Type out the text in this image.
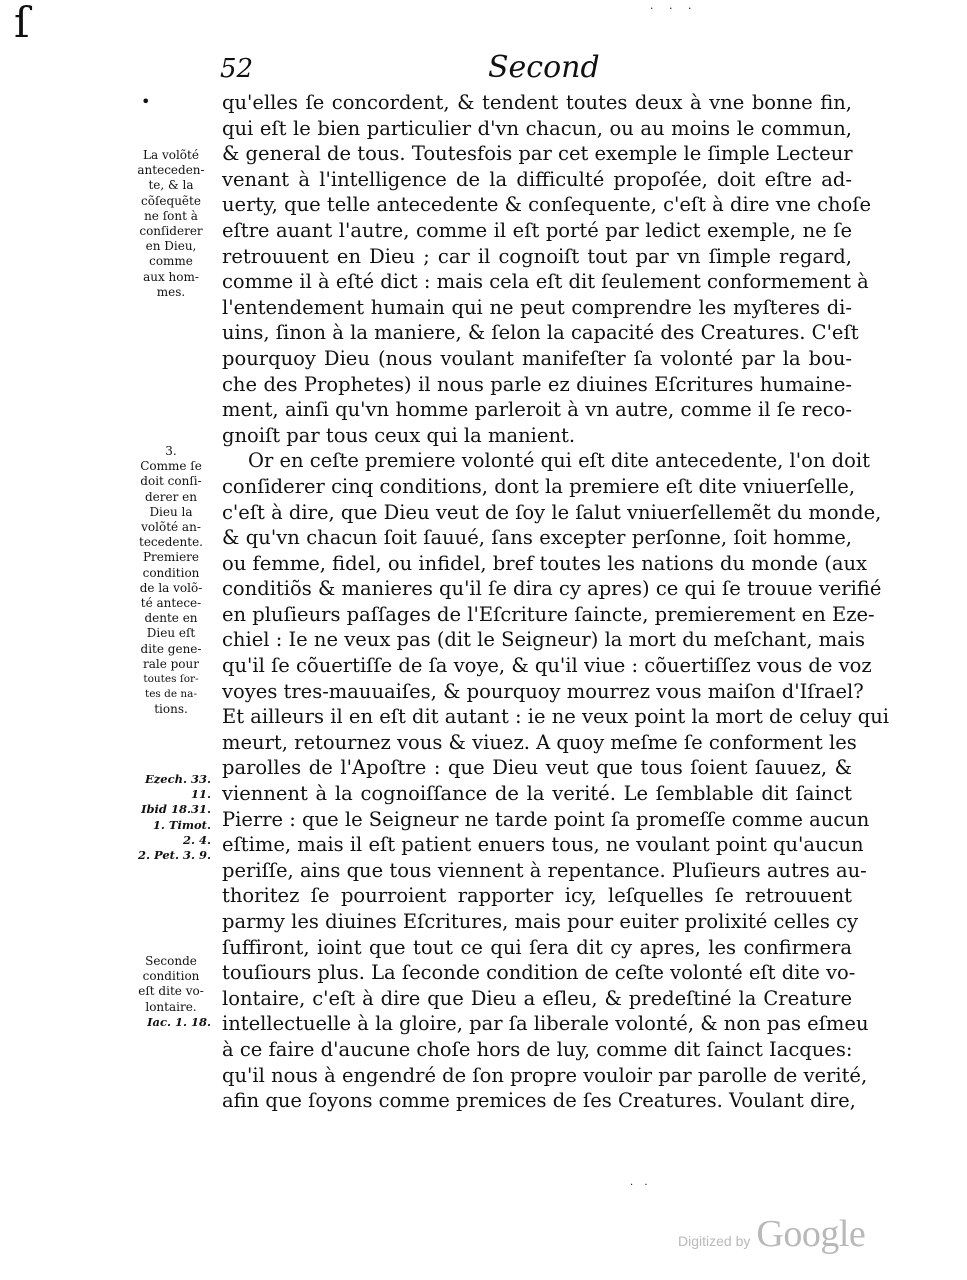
ſ	· · ·
52	Second
•	qu'elles ſe concordent, & tendent toutes deux à vne bonne fin,
qui eſt le bien particulier d'vn chacun, ou au moins le commun,
& general de tous. Toutesfois par cet exemple le ſimple Lecteur
venant à l'intelligence de la difficulté propoſée, doit eſtre ad-
uerty, que telle antecedente & conſequente, c'eſt à dire vne choſe
eſtre auant l'autre, comme il eſt porté par ledict exemple, ne ſe
retrouuent en Dieu ; car il cognoiſt tout par vn ſimple regard,
comme il à eſté dict : mais cela eſt dit ſeulement conformement à
l'entendement humain qui ne peut comprendre les myſteres di-
uins, ſinon à la maniere, & ſelon la capacité des Creatures. C'eſt
pourquoy Dieu (nous voulant manifeſter ſa volonté par la bou-
che des Prophetes) il nous parle ez diuines Eſcritures humaine-
ment, ainſi qu'vn homme parleroit à vn autre, comme il ſe reco-
gnoiſt par tous ceux qui la manient.
Or en ceſte premiere volonté qui eſt dite antecedente, l'on doit
conſiderer cinq conditions, dont la premiere eſt dite vniuerſelle,
c'eſt à dire, que Dieu veut de ſoy le ſalut vniuerſellemẽt du monde,
& qu'vn chacun ſoit ſauué, ſans excepter perſonne, ſoit homme,
ou femme, fidel, ou infidel, bref toutes les nations du monde (aux
conditiõs & manieres qu'il ſe dira cy apres) ce qui ſe trouue verifié
en pluſieurs paſſages de l'Eſcriture ſaincte, premierement en Eze-
chiel : Ie ne veux pas (dit le Seigneur) la mort du meſchant, mais
qu'il ſe cõuertiſſe de ſa voye, & qu'il viue : cõuertiſſez vous de voz
voyes tres-mauuaiſes, & pourquoy mourrez vous maiſon d'Iſrael?
Et ailleurs il en eſt dit autant : ie ne veux point la mort de celuy qui
meurt, retournez vous & viuez. A quoy meſme ſe conforment les
parolles de l'Apoſtre : que Dieu veut que tous ſoient ſauuez, &
viennent à la cognoiſſance de la verité. Le ſemblable dit ſainct
Pierre : que le Seigneur ne tarde point ſa promeſſe comme aucun
eſtime, mais il eſt patient enuers tous, ne voulant point qu'aucun
periſſe, ains que tous viennent à repentance. Pluſieurs autres au-
thoritez ſe pourroient rapporter icy, leſquelles ſe retrouuent
parmy les diuines Eſcritures, mais pour euiter prolixité celles cy
ſuffiront, ioint que tout ce qui ſera dit cy apres, les confirmera
touſiours plus. La ſeconde condition de ceſte volonté eſt dite vo-
lontaire, c'eſt à dire que Dieu a eſleu, & predeſtiné la Creature
intellectuelle à la gloire, par ſa liberale volonté, & non pas eſmeu
à ce faire d'aucune choſe hors de luy, comme dit ſainct Iacques:
qu'il nous à engendré de ſon propre vouloir par parolle de verité,
afin que ſoyons comme premices de ſes Creatures. Voulant dire,
La volõté
anteceden-
te, & la
cõſequẽte
ne ſont à
conſiderer
en Dieu,
comme
aux hom-
mes.
3.
Comme ſe
doit conſi-
derer en
Dieu la
volõté an-
tecedente.
Premiere
condition
de la volõ-
té antece-
dente en
Dieu eſt
dite gene-
rale pour
toutes ſor-
tes de na-
tions.
Ezech. 33.
11.
Ibid 18.31.
1. Timot.
2. 4.
2. Pet. 3. 9.
Seconde
condition
eſt dite vo-
lontaire.
Iac. 1. 18.
· ·
Digitized by Google
